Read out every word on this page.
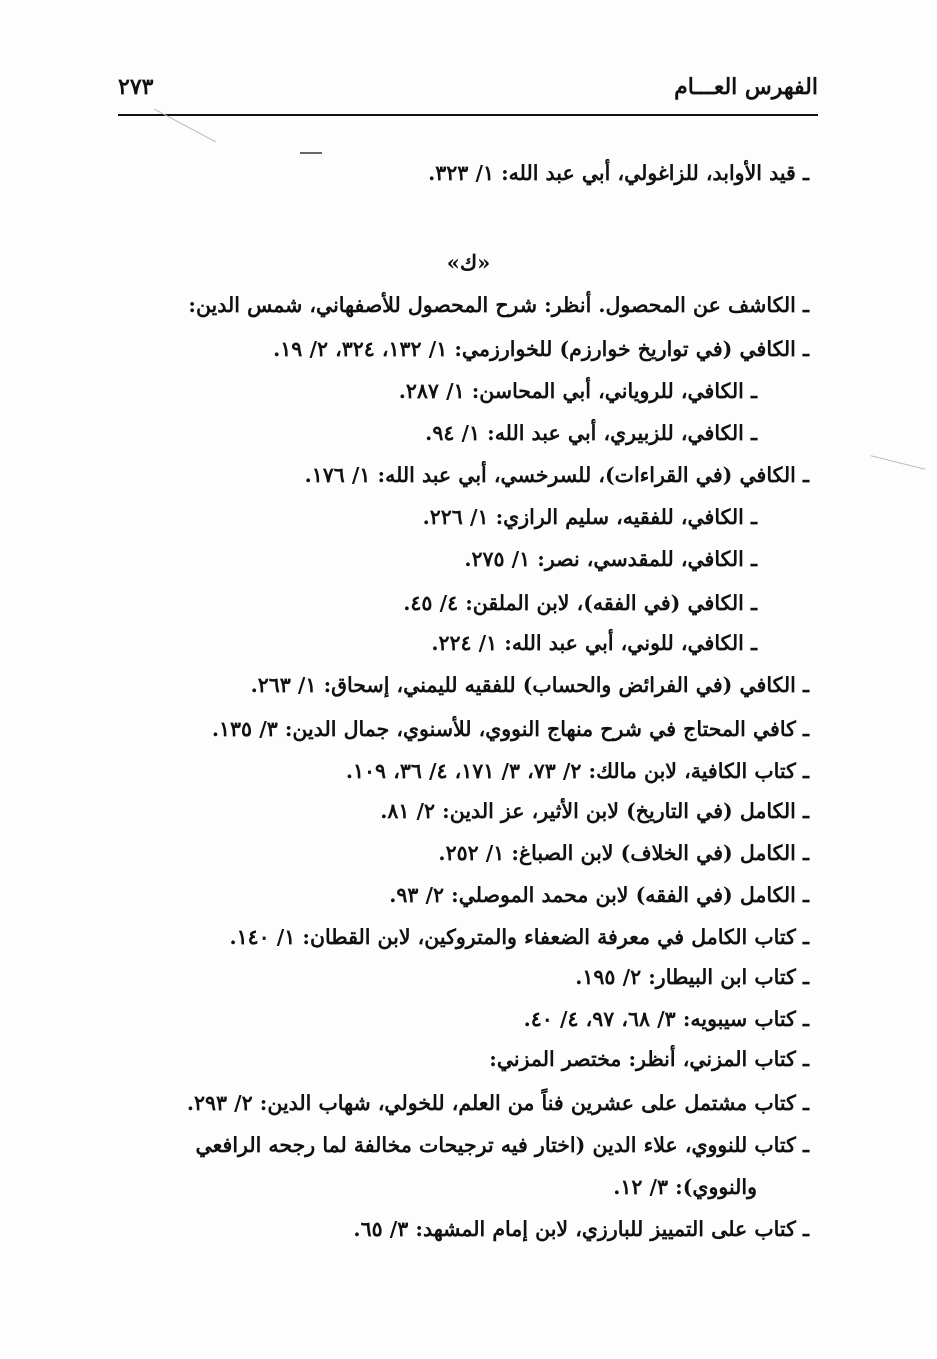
٢٧٣	الفهرس العـــام
ـ قيد الأوابد، للزاغولي، أبي عبد الله: ١/ ٣٢٣.
«ك»
ـ الكاشف عن المحصول. أنظر: شرح المحصول للأصفهاني، شمس الدين:
ـ الكافي (في تواريخ خوارزم) للخوارزمي: ١/ ١٣٢، ٣٢٤، ٢/ ١٩.
ـ الكافي، للروياني، أبي المحاسن: ١/ ٢٨٧.
ـ الكافي، للزبيري، أبي عبد الله: ١/ ٩٤.
ـ الكافي (في القراءات)، للسرخسي، أبي عبد الله: ١/ ١٧٦.
ـ الكافي، للفقيه، سليم الرازي: ١/ ٢٢٦.
ـ الكافي، للمقدسي، نصر: ١/ ٢٧٥.
ـ الكافي (في الفقه)، لابن الملقن: ٤/ ٤٥.
ـ الكافي، للوني، أبي عبد الله: ١/ ٢٢٤.
ـ الكافي (في الفرائض والحساب) للفقيه لليمني، إسحاق: ١/ ٢٦٣.
ـ كافي المحتاج في شرح منهاج النووي، للأسنوي، جمال الدين: ٣/ ١٣٥.
ـ كتاب الكافية، لابن مالك: ٢/ ٧٣، ٣/ ١٧١، ٤/ ٣٦، ١٠٩.
ـ الكامل (في التاريخ) لابن الأثير، عز الدين: ٢/ ٨١.
ـ الكامل (في الخلاف) لابن الصباغ: ١/ ٢٥٢.
ـ الكامل (في الفقه) لابن محمد الموصلي: ٢/ ٩٣.
ـ كتاب الكامل في معرفة الضعفاء والمتروكين، لابن القطان: ١/ ١٤٠.
ـ كتاب ابن البيطار: ٢/ ١٩٥.
ـ كتاب سيبويه: ٣/ ٦٨، ٩٧، ٤/ ٤٠.
ـ كتاب المزني، أنظر: مختصر المزني:
ـ كتاب مشتمل على عشرين فناً من العلم، للخولي، شهاب الدين: ٢/ ٢٩٣.
ـ كتاب للنووي، علاء الدين (اختار فيه ترجيحات مخالفة لما رجحه الرافعي
والنووي): ٣/ ١٢.
ـ كتاب على التمييز للبارزي، لابن إمام المشهد: ٣/ ٦٥.
